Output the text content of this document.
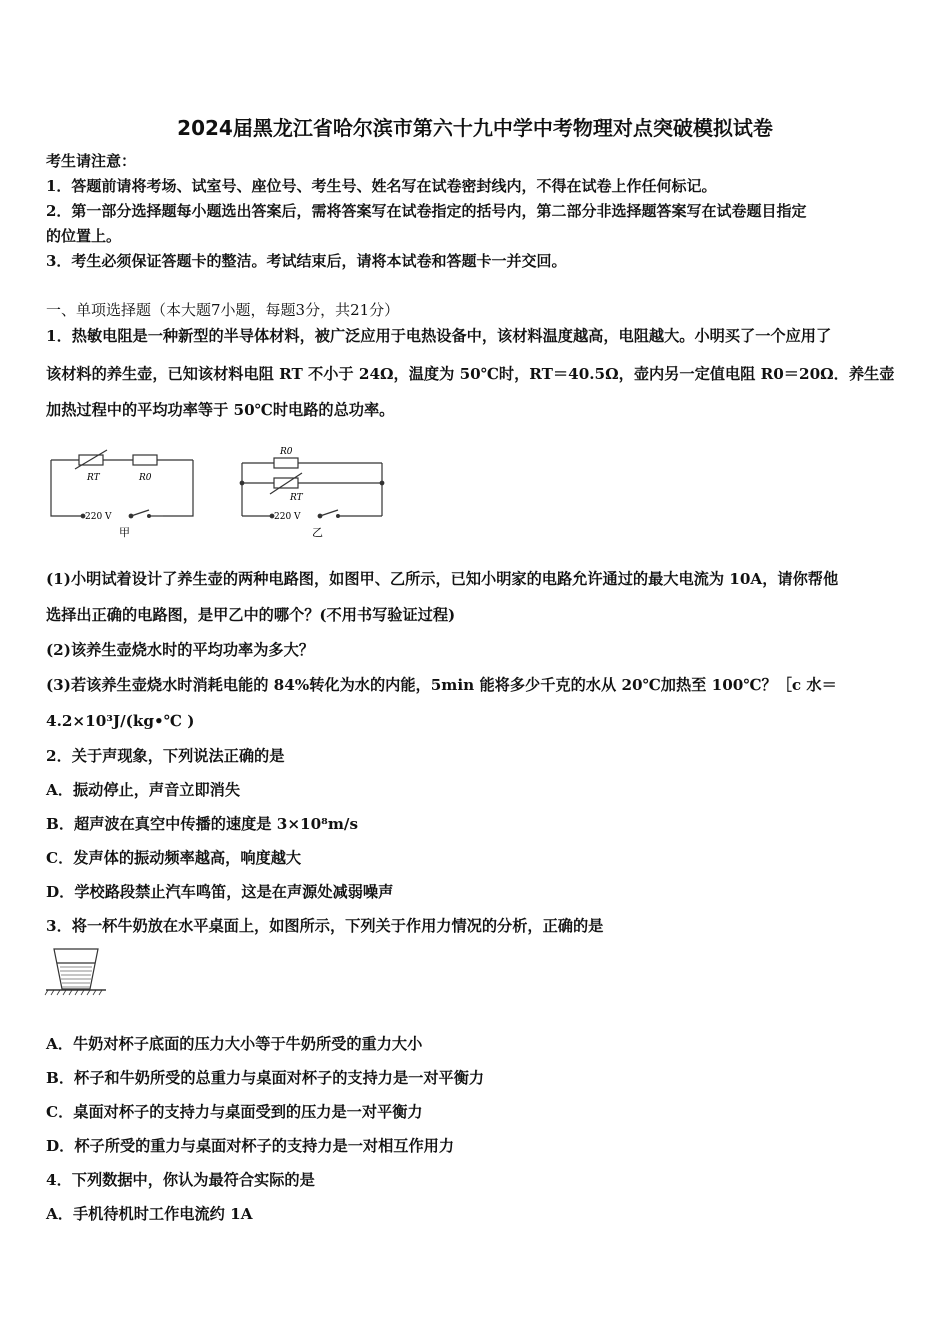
2024届黑龙江省哈尔滨市第六十九中学中考物理对点突破模拟试卷
考生请注意：
1．答题前请将考场、试室号、座位号、考生号、姓名写在试卷密封线内，不得在试卷上作任何标记。
2．第一部分选择题每小题选出答案后，需将答案写在试卷指定的括号内，第二部分非选择题答案写在试卷题目指定
的位置上。
3．考生必须保证答题卡的整洁。考试结束后，请将本试卷和答题卡一并交回。
一、单项选择题（本大题7小题，每题3分，共21分）
1．热敏电阻是一种新型的半导体材料，被广泛应用于电热设备中，该材料温度越高，电阻越大。小明买了一个应用了
该材料的养生壶，已知该材料电阻 RT 不小于 24Ω，温度为 50℃时，RT＝40.5Ω，壶内另一定值电阻 R0＝20Ω．养生壶
加热过程中的平均功率等于 50℃时电路的总功率。
RT	R0
220 V
甲
R0
RT
220 V
乙
(1)小明试着设计了养生壶的两种电路图，如图甲、乙所示，已知小明家的电路允许通过的最大电流为 10A，请你帮他
选择出正确的电路图，是甲乙中的哪个？(不用书写验证过程)
(2)该养生壶烧水时的平均功率为多大？
(3)若该养生壶烧水时消耗电能的 84%转化为水的内能，5min 能将多少千克的水从 20℃加热至 100℃？［c 水＝
4.2×10³J/(kg•℃ )
2．关于声现象，下列说法正确的是
A．振动停止，声音立即消失
B．超声波在真空中传播的速度是 3×10⁸m/s
C．发声体的振动频率越高，响度越大
D．学校路段禁止汽车鸣笛，这是在声源处减弱噪声
3．将一杯牛奶放在水平桌面上，如图所示，下列关于作用力情况的分析，正确的是
A．牛奶对杯子底面的压力大小等于牛奶所受的重力大小
B．杯子和牛奶所受的总重力与桌面对杯子的支持力是一对平衡力
C．桌面对杯子的支持力与桌面受到的压力是一对平衡力
D．杯子所受的重力与桌面对杯子的支持力是一对相互作用力
4．下列数据中，你认为最符合实际的是
A．手机待机时工作电流约 1A
